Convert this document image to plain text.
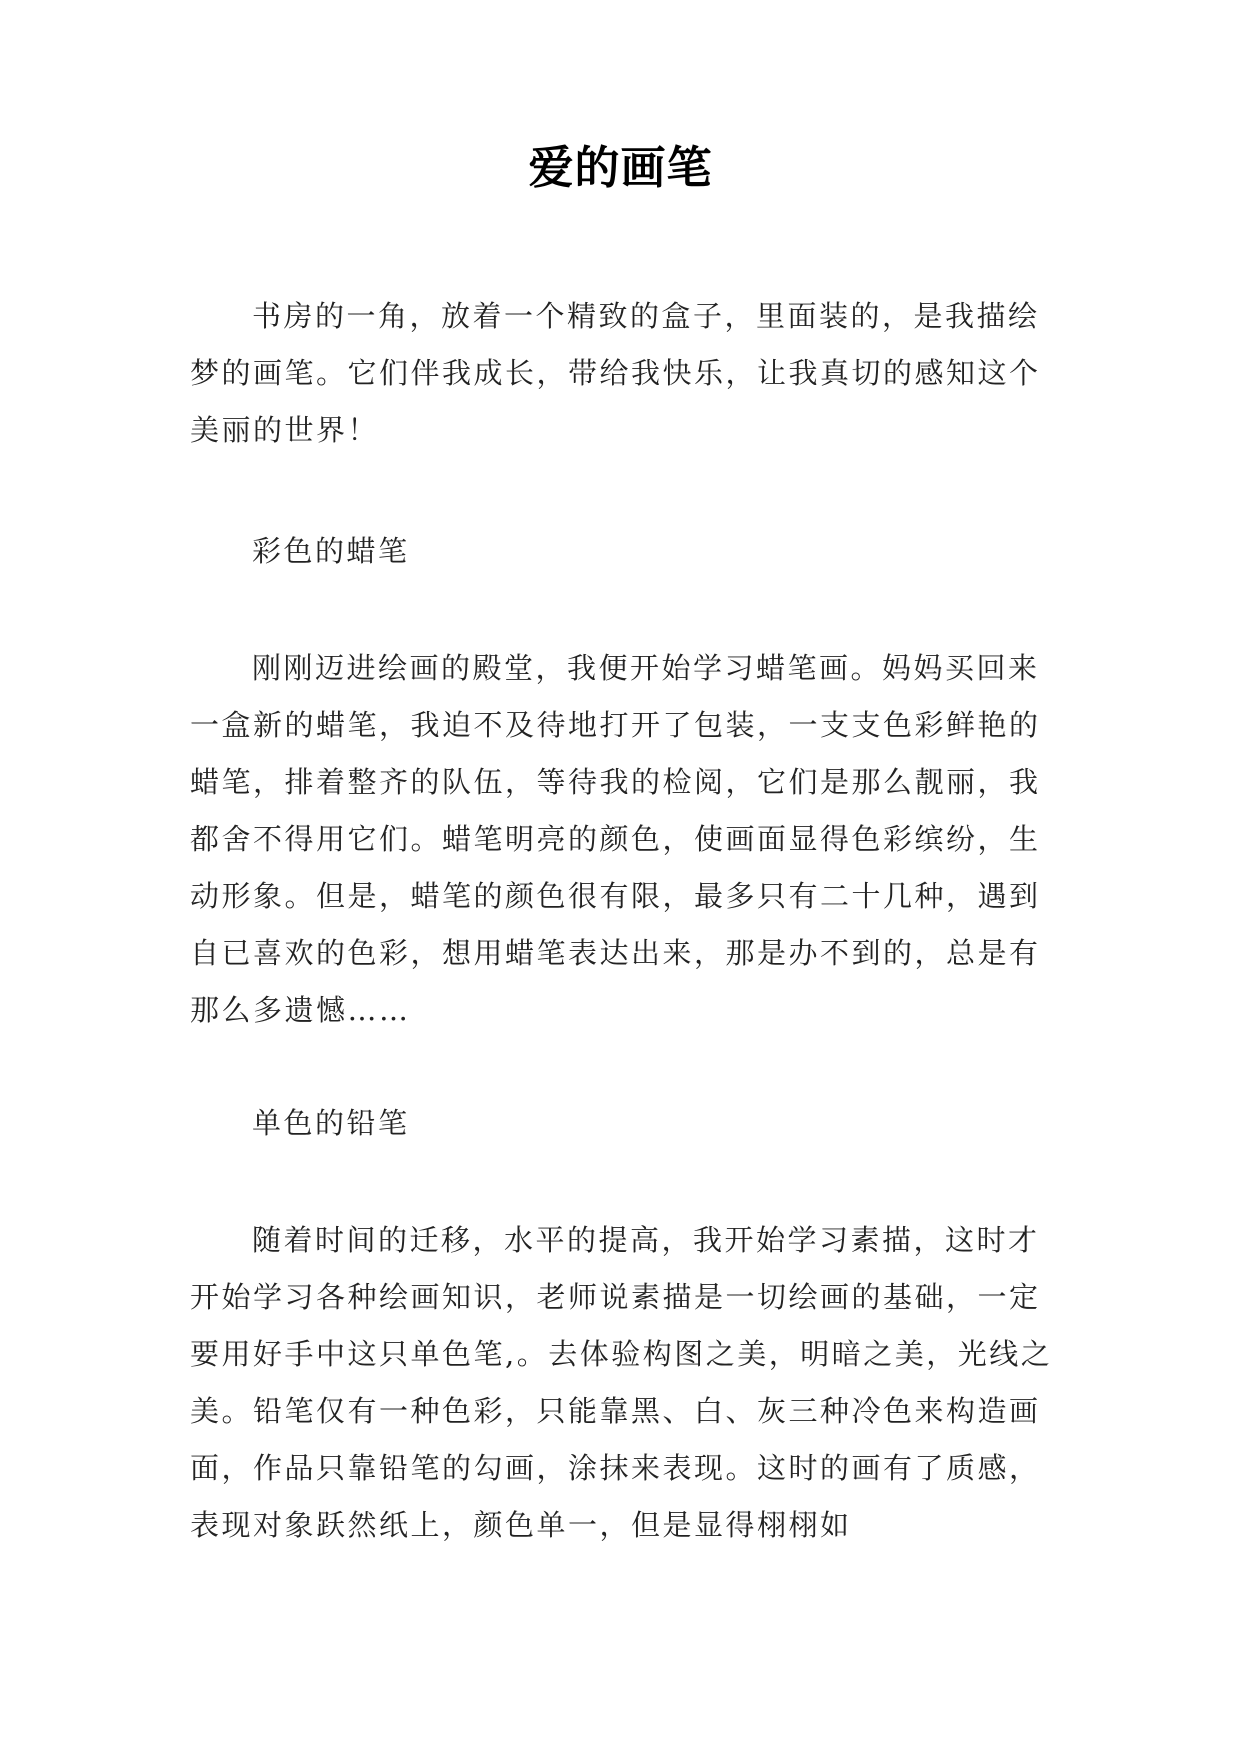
爱的画笔

书房的一角，放着一个精致的盒子，里面装的，是我描绘梦的画笔。它们伴我成长，带给我快乐，让我真切的感知这个美丽的世界！

彩色的蜡笔

刚刚迈进绘画的殿堂，我便开始学习蜡笔画。妈妈买回来一盒新的蜡笔，我迫不及待地打开了包装，一支支色彩鲜艳的蜡笔，排着整齐的队伍，等待我的检阅，它们是那么靓丽，我都舍不得用它们。蜡笔明亮的颜色，使画面显得色彩缤纷，生动形象。但是，蜡笔的颜色很有限，最多只有二十几种，遇到自已喜欢的色彩，想用蜡笔表达出来，那是办不到的，总是有那么多遗憾……

单色的铅笔

随着时间的迁移，水平的提高，我开始学习素描，这时才开始学习各种绘画知识，老师说素描是一切绘画的基础，一定要用好手中这只单色笔,。去体验构图之美，明暗之美，光线之美。铅笔仅有一种色彩，只能靠黑、白、灰三种冷色来构造画面，作品只靠铅笔的勾画，涂抹来表现。这时的画有了质感，表现对象跃然纸上，颜色单一，但是显得栩栩如
